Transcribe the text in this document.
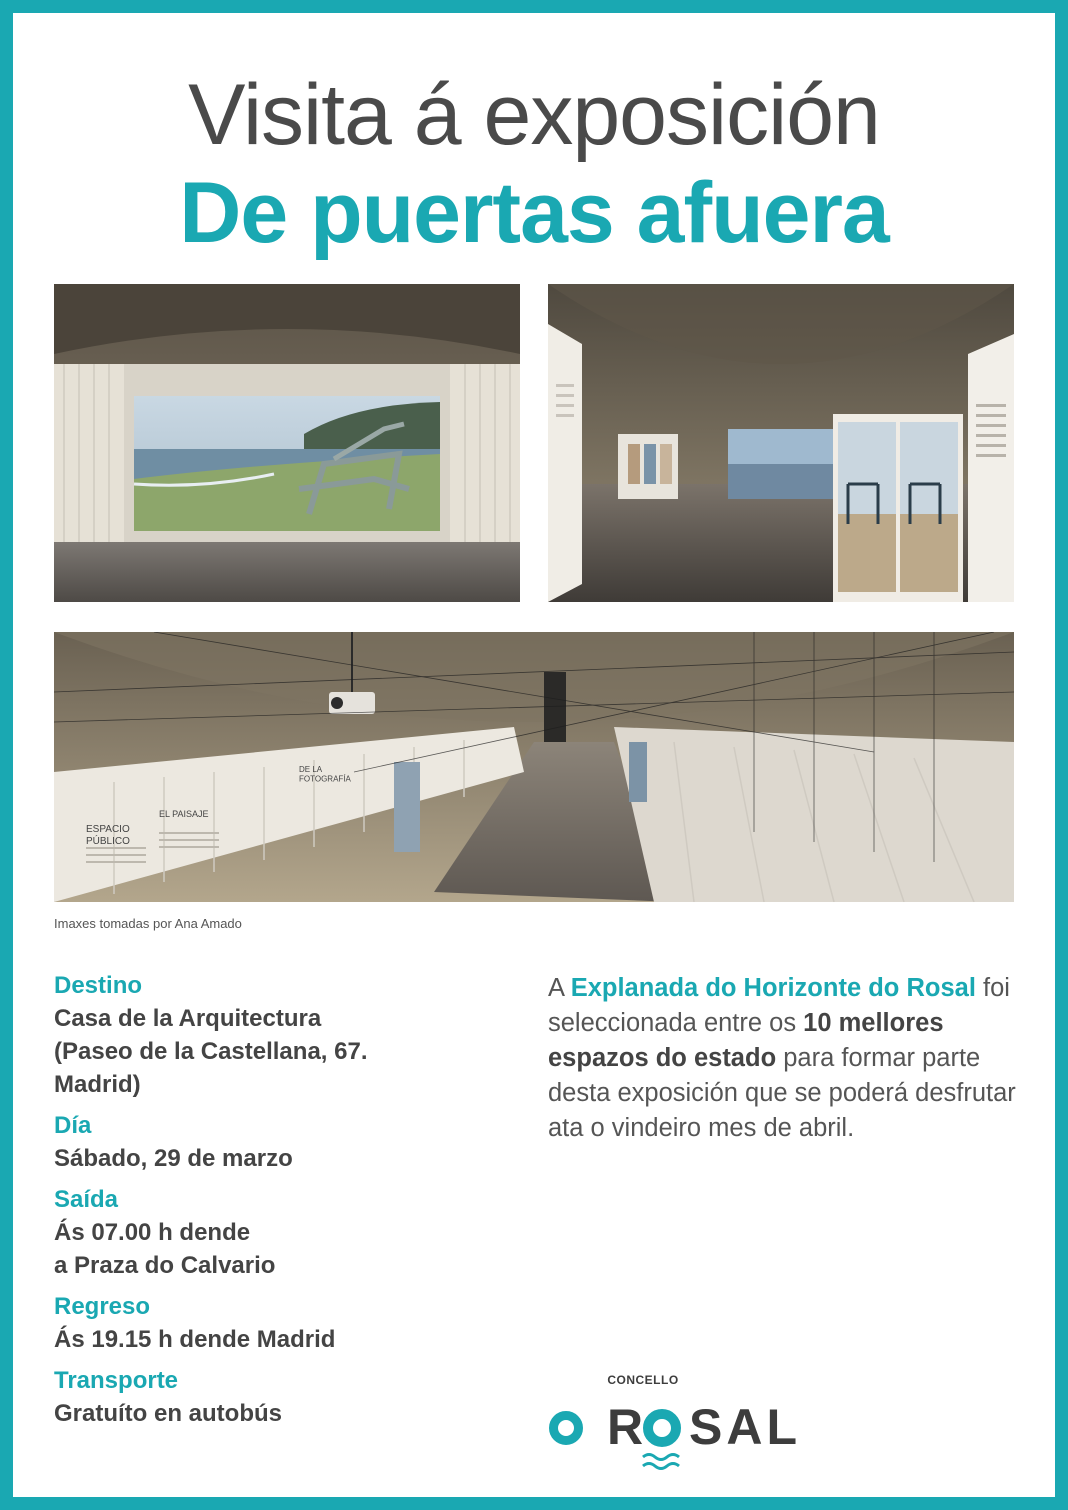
Visita á exposición
De puertas afuera
ESPACIO PÚBLICO
EL PAISAJE
DE LA FOTOGRAFÍA
Imaxes tomadas por Ana Amado
Destino
Casa de la Arquitectura
(Paseo de la Castellana, 67.
Madrid)
Día
Sábado, 29 de marzo
Saída
Ás 07.00 h dende
a Praza do Calvario
Regreso
Ás 19.15 h dende Madrid
Transporte
Gratuíto en autobús
A Explanada do Horizonte do Rosal foi seleccionada entre os 10 mellores espazos do estado para formar parte desta exposición que se poderá desfrutar ata o vindeiro mes de abril.
CONCELLO
R SAL
